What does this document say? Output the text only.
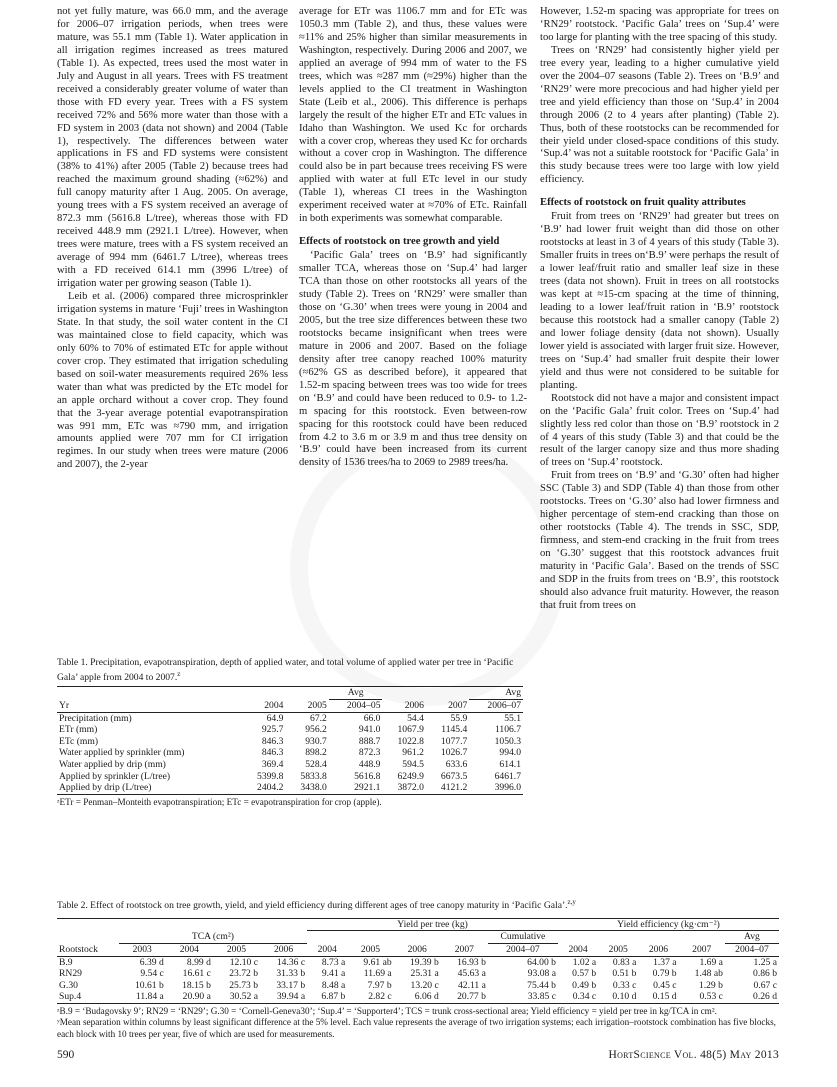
not yet fully mature, was 66.0 mm, and the average for 2006–07 irrigation periods, when trees were mature, was 55.1 mm (Table 1). Water application in all irrigation regimes increased as trees matured (Table 1). As expected, trees used the most water in July and August in all years. Trees with FS treatment received a considerably greater volume of water than those with FD every year. Trees with a FS system received 72% and 56% more water than those with a FD system in 2003 (data not shown) and 2004 (Table 1), respectively. The differences between water applications in FS and FD systems were consistent (38% to 41%) after 2005 (Table 2) because trees had reached the maximum ground shading (≈62%) and full canopy maturity after 1 Aug. 2005. On average, young trees with a FS system received an average of 872.3 mm (5616.8 L/tree), whereas those with FD received 448.9 mm (2921.1 L/tree). However, when trees were mature, trees with a FS system received an average of 994 mm (6461.7 L/tree), whereas trees with a FD received 614.1 mm (3996 L/tree) of irrigation water per growing season (Table 1).

Leib et al. (2006) compared three microsprinkler irrigation systems in mature ‘Fuji’ trees in Washington State. In that study, the soil water content in the CI was maintained close to field capacity, which was only 60% to 70% of estimated ETc for apple without cover crop. They estimated that irrigation scheduling based on soil-water measurements required 26% less water than what was predicted by the ETc model for an apple orchard without a cover crop. They found that the 3-year average potential evapotranspiration was 991 mm, ETc was ≈790 mm, and irrigation amounts applied were 707 mm for CI irrigation regimes. In our study when trees were mature (2006 and 2007), the 2-year

average for ETr was 1106.7 mm and for ETc was 1050.3 mm (Table 2), and thus, these values were ≈11% and 25% higher than similar measurements in Washington, respectively. During 2006 and 2007, we applied an average of 994 mm of water to the FS trees, which was ≈287 mm (≈29%) higher than the levels applied to the CI treatment in Washington State (Leib et al., 2006). This difference is perhaps largely the result of the higher ETr and ETc values in Idaho than Washington. We used Kc for orchards with a cover crop, whereas they used Kc for orchards without a cover crop in Washington. The difference could also be in part because trees receiving FS were applied with water at full ETc level in our study (Table 1), whereas CI trees in the Washington experiment received water at ≈70% of ETc. Rainfall in both experiments was somewhat comparable.

Effects of rootstock on tree growth and yield

‘Pacific Gala’ trees on ‘B.9’ had significantly smaller TCA, whereas those on ‘Sup.4’ had larger TCA than those on other rootstocks all years of the study (Table 2). Trees on ‘RN29’ were smaller than those on ‘G.30’ when trees were young in 2004 and 2005, but the tree size differences between these two rootstocks became insignificant when trees were mature in 2006 and 2007. Based on the foliage density after tree canopy reached 100% maturity (≈62% GS as described before), it appeared that 1.52-m spacing between trees was too wide for trees on ‘B.9’ and could have been reduced to 0.9- to 1.2-m spacing for this rootstock. Even between-row spacing for this rootstock could have been reduced from 4.2 to 3.6 m or 3.9 m and thus tree density on ‘B.9’ could have been increased from its current density of 1536 trees/ha to 2069 to 2989 trees/ha.

However, 1.52-m spacing was appropriate for trees on ‘RN29’ rootstock. ‘Pacific Gala’ trees on ‘Sup.4’ were too large for planting with the tree spacing of this study.

Trees on ‘RN29’ had consistently higher yield per tree every year, leading to a higher cumulative yield over the 2004–07 seasons (Table 2). Trees on ‘B.9’ and ‘RN29’ were more precocious and had higher yield per tree and yield efficiency than those on ‘Sup.4’ in 2004 through 2006 (2 to 4 years after planting) (Table 2). Thus, both of these rootstocks can be recommended for their yield under closed-space conditions of this study. ‘Sup.4’ was not a suitable rootstock for ‘Pacific Gala’ in this study because trees were too large with low yield efficiency.

Effects of rootstock on fruit quality attributes

Fruit from trees on ‘RN29’ had greater but trees on ‘B.9’ had lower fruit weight than did those on other rootstocks at least in 3 of 4 years of this study (Table 3). Smaller fruits in trees on‘B.9’ were perhaps the result of a lower leaf/fruit ratio and smaller leaf size in these trees (data not shown). Fruit in trees on all rootstocks was kept at ≈15-cm spacing at the time of thinning, leading to a lower leaf/fruit ration in ‘B.9’ rootstock because this rootstock had a smaller canopy (Table 2) and lower foliage density (data not shown). Usually lower yield is associated with larger fruit size. However, trees on ‘Sup.4’ had smaller fruit despite their lower yield and thus were not considered to be suitable for planting.

Rootstock did not have a major and consistent impact on the ‘Pacific Gala’ fruit color. Trees on ‘Sup.4’ had slightly less red color than those on ‘B.9’ rootstock in 2 of 4 years of this study (Table 3) and that could be the result of the larger canopy size and thus more shading of trees on ‘Sup.4’ rootstock.

Fruit from trees on ‘B.9’ and ‘G.30’ often had higher SSC (Table 3) and SDP (Table 4) than those from other rootstocks. Trees on ‘G.30’ also had lower firmness and higher percentage of stem-end cracking than those on other rootstocks (Table 4). The trends in SSC, SDP, firmness, and stem-end cracking in the fruit from trees on ‘G.30’ suggest that this rootstock advances fruit maturity in ‘Pacific Gala’. Based on the trends of SSC and SDP in the fruits from trees on ‘B.9’, this rootstock should also advance fruit maturity. However, the reason that fruit from trees on

Table 1. Precipitation, evapotranspiration, depth of applied water, and total volume of applied water per tree in ‘Pacific Gala’ apple from 2004 to 2007.$^z$
			Avg			Avg
Yr	2004	2005	2004–05	2006	2007	2006–07
Precipitation (mm)	64.9	67.2	66.0	54.4	55.9	55.1
ETr (mm)	925.7	956.2	941.0	1067.9	1145.4	1106.7
ETc (mm)	846.3	930.7	888.7	1022.8	1077.7	1050.3
Water applied by sprinkler (mm)	846.3	898.2	872.3	961.2	1026.7	994.0
Water applied by drip (mm)	369.4	528.4	448.9	594.5	633.6	614.1
Applied by sprinkler (L/tree)	5399.8	5833.8	5616.8	6249.9	6673.5	6461.7
Applied by drip (L/tree)	2404.2	3438.0	2921.1	3872.0	4121.2	3996.0
ᶻETr = Penman–Monteith evapotranspiration; ETc = evapotranspiration for crop (apple).
Table 2. Effect of rootstock on tree growth, yield, and yield efficiency during different ages of tree canopy maturity in ‘Pacific Gala’.$^{z,y}$
					Yield per tree (kg)					Yield efficiency (kg·cm⁻²)				
	TCA (cm²)								Cumulative					Avg
Rootstock	2003	2004	2005	2006	2004	2005	2006	2007	2004–07	2004	2005	2006	2007	2004–07
B.9	6.39 d	8.99 d	12.10 c	14.36 c	8.73 a	9.61 ab	19.39 b	16.93 b	64.00 b	1.02 a	0.83 a	1.37 a	1.69 a	1.25 a
RN29	9.54 c	16.61 c	23.72 b	31.33 b	9.41 a	11.69 a	25.31 a	45.63 a	93.08 a	0.57 b	0.51 b	0.79 b	1.48 ab	0.86 b
G.30	10.61 b	18.15 b	25.73 b	33.17 b	8.48 a	7.97 b	13.20 c	42.11 a	75.44 b	0.49 b	0.33 c	0.45 c	1.29 b	0.67 c
Sup.4	11.84 a	20.90 a	30.52 a	39.94 a	6.87 b	2.82 c	6.06 d	20.77 b	33.85 c	0.34 c	0.10 d	0.15 d	0.53 c	0.26 d
ᶻB.9 = ‘Budagovsky 9’; RN29 = ‘RN29’; G.30 = ‘Cornell-Geneva30’; ‘Sup.4’ = ‘Supporter4’; TCS = trunk cross-sectional area; Yield efficiency = yield per tree in kg/TCA in cm².
ʸMean separation within columns by least significant difference at the 5% level. Each value represents the average of two irrigation systems; each irrigation–rootstock combination has five blocks, each block with 10 trees per year, five of which are used for measurements.
590	HortScience Vol. 48(5) May 2013
